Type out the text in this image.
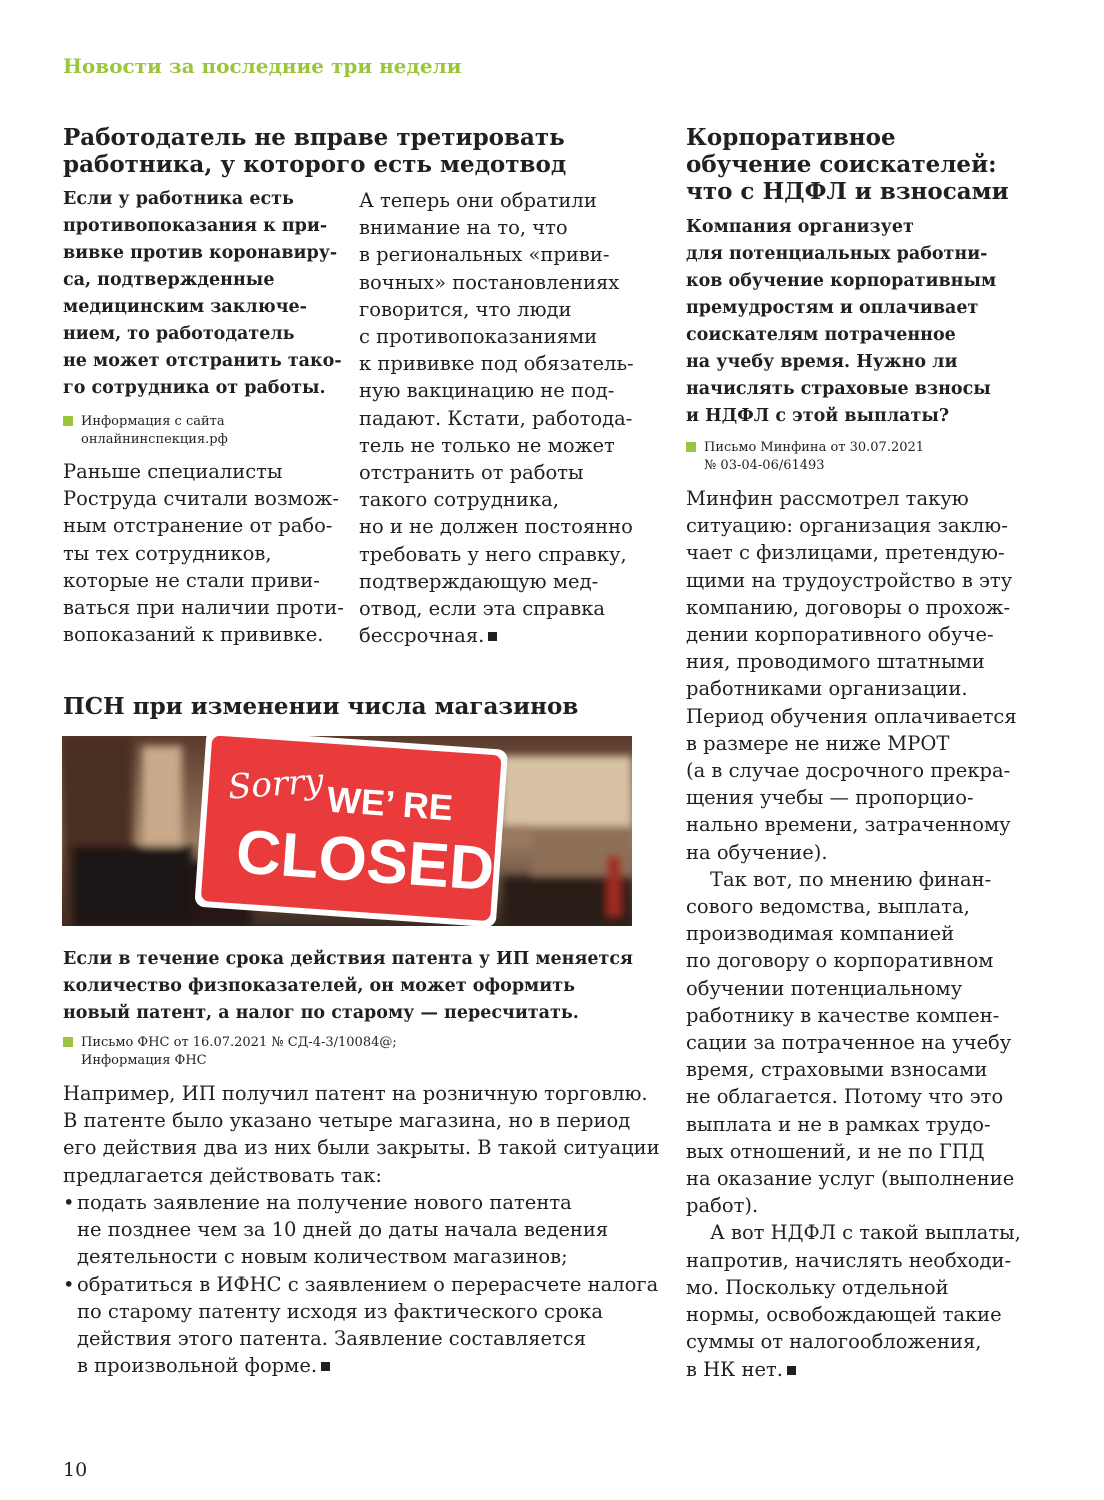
Новости за последние три недели
Работодатель не вправе третировать
работника, у которого есть медотвод
Если у работника есть
противопоказания к при-
вивке против коронавиру-
са, подтвержденные
медицинским заключе-
нием, то работодатель
не может отстранить тако-
го сотрудника от работы.
Информация с сайта
онлайнинспекция.рф
Раньше специалисты
Роструда считали возмож-
ным отстранение от рабо-
ты тех сотрудников,
которые не стали приви-
ваться при наличии проти-
вопоказаний к прививке.
А теперь они обратили
внимание на то, что
в региональных «приви-
вочных» постановлениях
говорится, что люди
с противопоказаниями
к прививке под обязатель-
ную вакцинацию не под-
падают. Кстати, работода-
тель не только не может
отстранить от работы
такого сотрудника,
но и не должен постоянно
требовать у него справку,
подтверждающую мед-
отвод, если эта справка
бессрочная.
ПСН при изменении числа магазинов
Sorry WE’ RE
CLOSED
Если в течение срока действия патента у ИП меняется
количество физпоказателей, он может оформить
новый патент, а налог по старому — пересчитать.
Письмо ФНС от 16.07.2021 № СД-4-3/10084@;
Информация ФНС
Например, ИП получил патент на розничную торговлю.
В патенте было указано четыре магазина, но в период
его действия два из них были закрыты. В такой ситуации
предлагается действовать так:
• подать заявление на получение нового патента
не позднее чем за 10 дней до даты начала ведения
деятельности с новым количеством магазинов;
• обратиться в ИФНС с заявлением о перерасчете налога
по старому патенту исходя из фактического срока
действия этого патента. Заявление составляется
в произвольной форме.
Корпоративное
обучение соискателей:
что с НДФЛ и взносами
Компания организует
для потенциальных работни-
ков обучение корпоративным
премудростям и оплачивает
соискателям потраченное
на учебу время. Нужно ли
начислять страховые взносы
и НДФЛ с этой выплаты?
Письмо Минфина от 30.07.2021
№ 03-04-06/61493
Минфин рассмотрел такую
ситуацию: организация заклю-
чает с физлицами, претендую-
щими на трудоустройство в эту
компанию, договоры о прохож-
дении корпоративного обуче-
ния, проводимого штатными
работниками организации.
Период обучения оплачивается
в размере не ниже МРОТ
(а в случае досрочного прекра-
щения учебы — пропорцио-
нально времени, затраченному
на обучение).
Так вот, по мнению финан-
сового ведомства, выплата,
производимая компанией
по договору о корпоративном
обучении потенциальному
работнику в качестве компен-
сации за потраченное на учебу
время, страховыми взносами
не облагается. Потому что это
выплата и не в рамках трудо-
вых отношений, и не по ГПД
на оказание услуг (выполнение
работ).
А вот НДФЛ с такой выплаты,
напротив, начислять необходи-
мо. Поскольку отдельной
нормы, освобождающей такие
суммы от налогообложения,
в НК нет.
10
